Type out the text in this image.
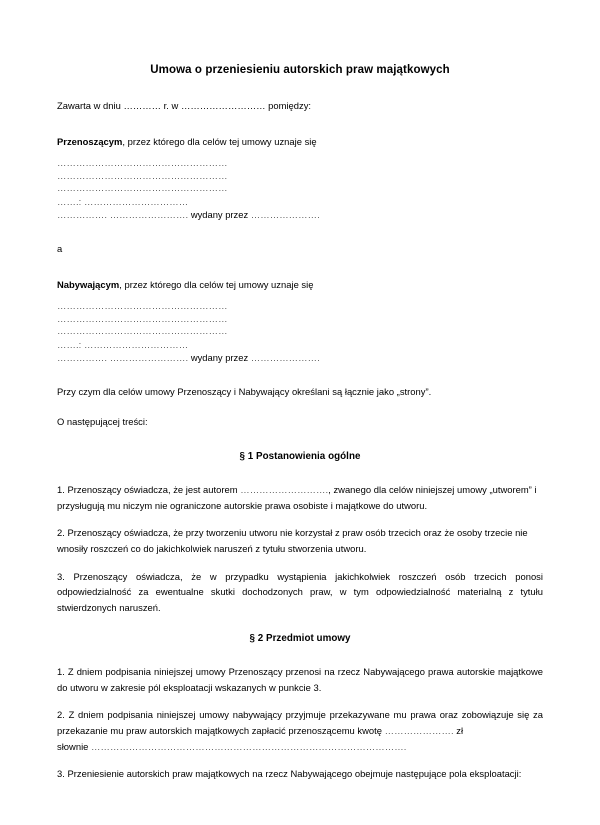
Umowa o przeniesieniu autorskich praw majątkowych

Zawarta w dniu ………… r. w ……………………… pomiędzy:

Przenoszącym, przez którego dla celów tej umowy uznaje się

………………………………………………

………………………………………………

………………………………………………

…….: ……………………………

……………. ……………………. wydany przez ………………….

a

Nabywającym, przez którego dla celów tej umowy uznaje się

………………………………………………

………………………………………………

………………………………………………

…….: ……………………………

……………. ……………………. wydany przez ………………….

Przy czym dla celów umowy Przenoszący i Nabywający określani są łącznie jako „strony”.

O następującej treści:

§ 1 Postanowienia ogólne

1. Przenoszący oświadcza, że jest autorem ………………………., zwanego dla celów niniejszej umowy „utworem” i przysługują mu niczym nie ograniczone autorskie prawa osobiste i majątkowe do utworu.

2. Przenoszący oświadcza, że przy tworzeniu utworu nie korzystał z praw osób trzecich oraz że osoby trzecie nie wnosiły roszczeń co do jakichkolwiek naruszeń z tytułu stworzenia utworu.

3. Przenoszący oświadcza, że w przypadku wystąpienia jakichkolwiek roszczeń osób trzecich ponosi odpowiedzialność za ewentualne skutki dochodzonych praw, w tym odpowiedzialność materialną z tytułu stwierdzonych naruszeń.

§ 2 Przedmiot umowy

1. Z dniem podpisania niniejszej umowy Przenoszący przenosi na rzecz Nabywającego prawa autorskie majątkowe do utworu w zakresie pól eksploatacji wskazanych w punkcie 3.

2. Z dniem podpisania niniejszej umowy nabywający przyjmuje przekazywane mu prawa oraz zobowiązuje się za przekazanie mu praw autorskich majątkowych zapłacić przenoszącemu kwotę …………………. zł

słownie ……………………………………………………………………………………….

3. Przeniesienie autorskich praw majątkowych na rzecz Nabywającego obejmuje następujące pola eksploatacji:
